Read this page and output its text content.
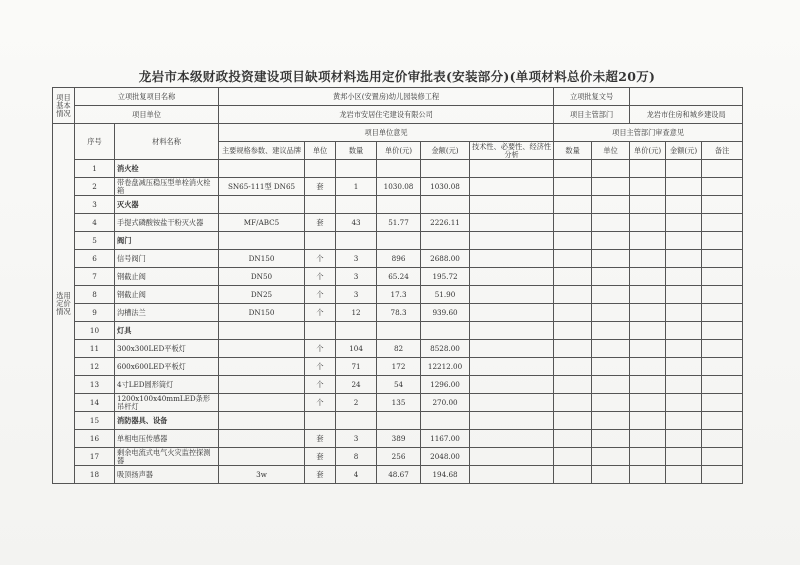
龙岩市本级财政投资建设项目缺项材料选用定价审批表(安装部分)(单项材料总价未超20万)
项目基本情况	立项批复项目名称		黄邦小区(安置房)幼儿园装修工程						立项批复文号				
	项目单位		龙岩市安居住宅建设有限公司						项目主管部门		龙岩市住房和城乡建设局		
选用定价情况	序号	材料名称	项目单位意见						项目主管部门审查意见				
			主要规格参数、建议品牌	单位	数量	单价(元)	金额(元)	技术性、必要性、经济性分析	数量	单位	单价(元)	金额(元)	备注
	1	消火栓											
	2	带卷盘减压稳压型单栓消火栓箱	SN65-111型 DN65	套	1	1030.08	1030.08						
	3	灭火器											
	4	手提式磷酸铵盐干粉灭火器	MF/ABC5	套	43	51.77	2226.11						
	5	阀门											
	6	信号阀门	DN150	个	3	896	2688.00						
	7	钢截止阀	DN50	个	3	65.24	195.72						
	8	钢截止阀	DN25	个	3	17.3	51.90						
	9	沟槽法兰	DN150	个	12	78.3	939.60						
	10	灯具											
	11	300x300LED平板灯		个	104	82	8528.00						
	12	600x600LED平板灯		个	71	172	12212.00						
	13	4寸LED圆形筒灯		个	24	54	1296.00						
	14	1200x100x40mmLED条形吊杆灯		个	2	135	270.00						
	15	消防器具、设备											
	16	单相电压传感器		套	3	389	1167.00						
	17	剩余电流式电气火灾监控探测器		套	8	256	2048.00						
	18	吸顶扬声器	3w	套	4	48.67	194.68						
